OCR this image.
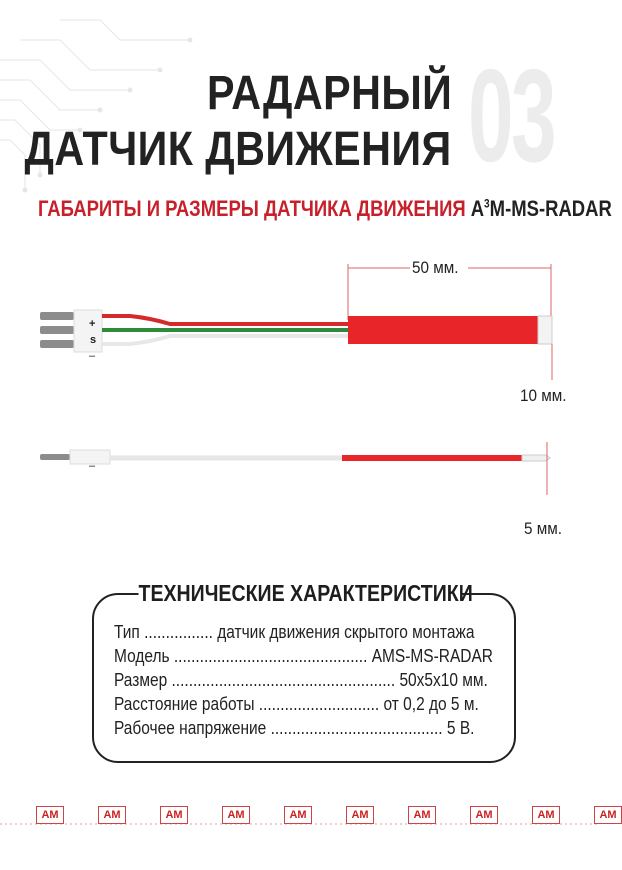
03
РАДАРНЫЙ
ДАТЧИК ДВИЖЕНИЯ
ГАБАРИТЫ И РАЗМЕРЫ ДАТЧИКА ДВИЖЕНИЯ $A^3M-MS$-RADAR
50 мм.
10 мм.
5 мм.
+
s
–
–
ТЕХНИЧЕСКИЕ ХАРАКТЕРИСТИКИ
Тип ................ датчик движения скрытого монтажа
Модель ............................................. AMS-MS-RADAR
Размер .................................................... 50x5x10 мм.
Расстояние работы ............................ от 0,2 до 5 м.
Рабочее напряжение ........................................ 5 В.
AM	AM	AM	AM	AM	AM	AM	AM	AM	AM
